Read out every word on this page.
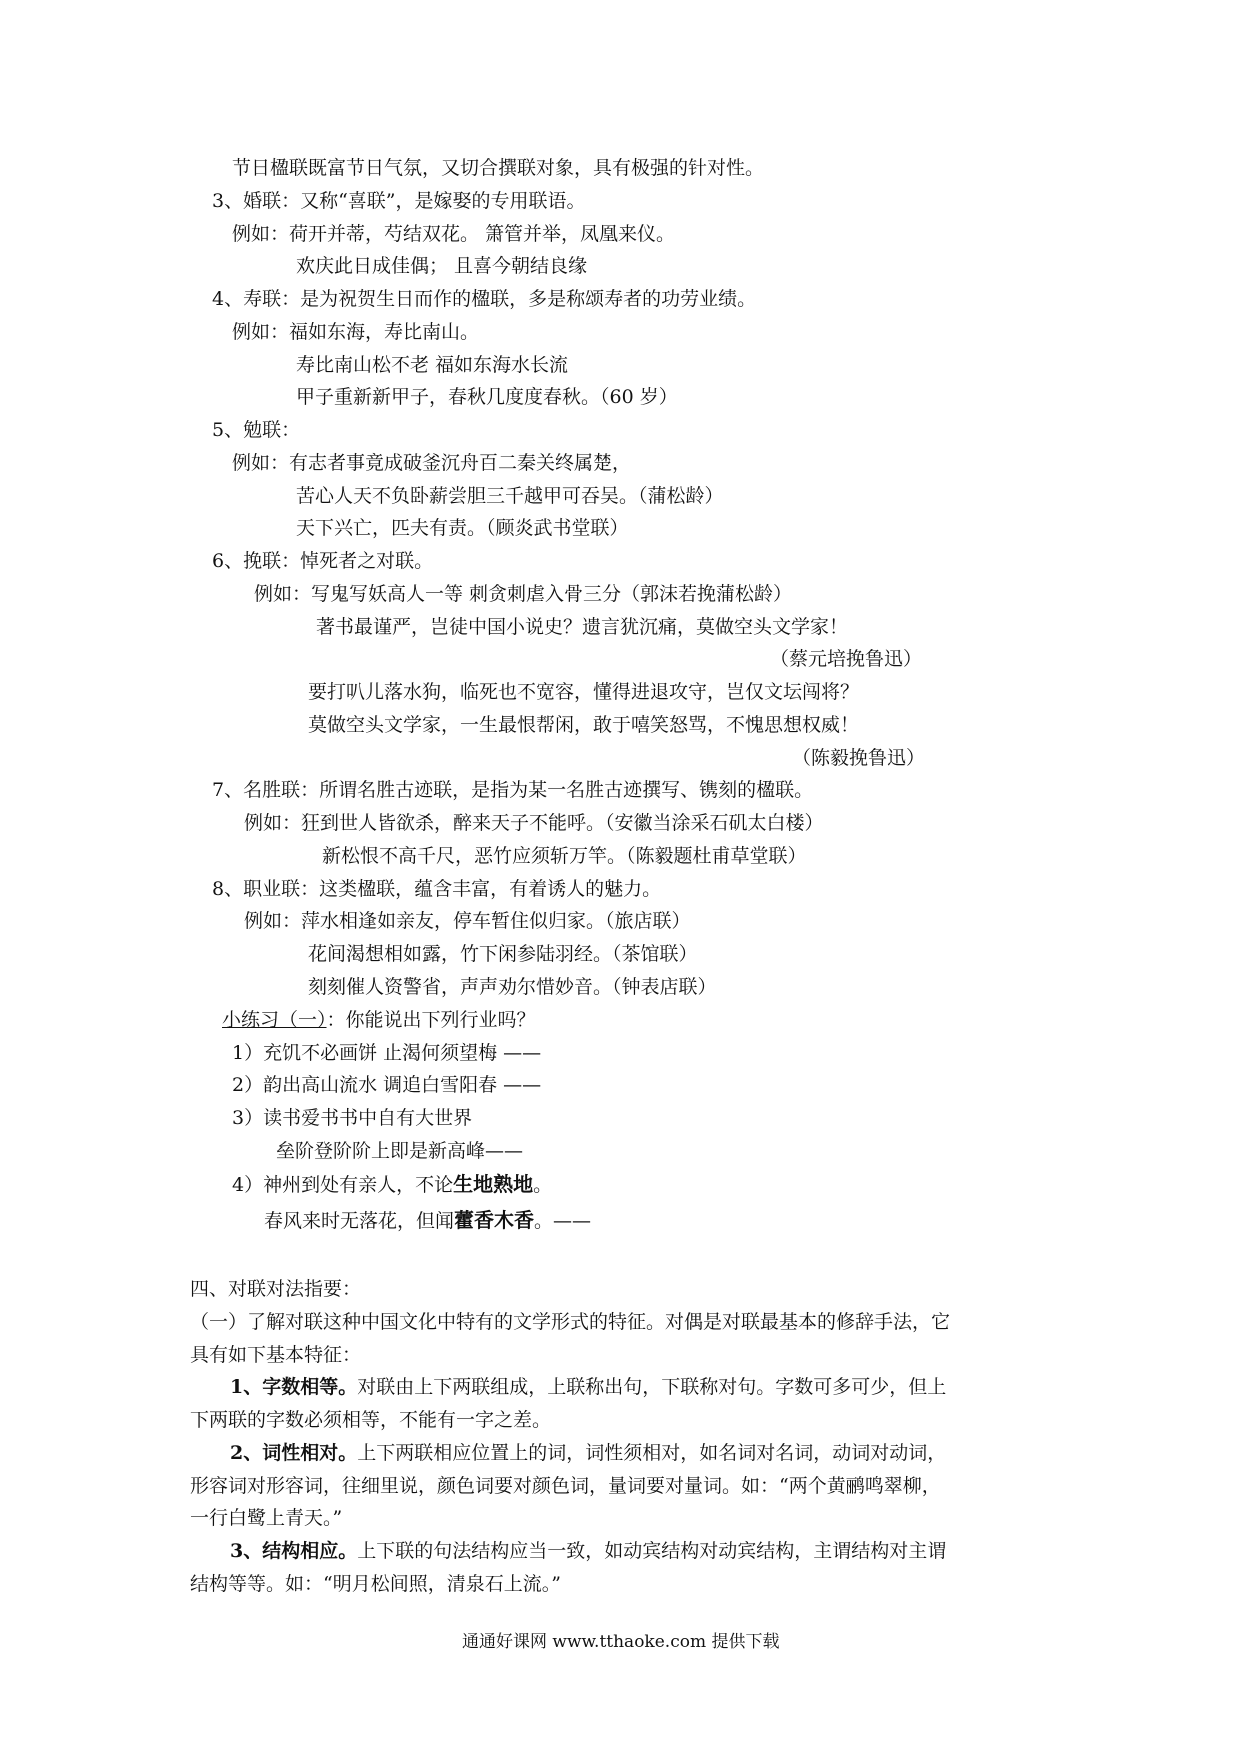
节日楹联既富节日气氛，又切合撰联对象，具有极强的针对性。
3、婚联：又称“喜联”，是嫁娶的专用联语。
例如：荷开并蒂，芍结双花。 箫管并举，凤凰来仪。
欢庆此日成佳偶； 且喜今朝结良缘
4、寿联：是为祝贺生日而作的楹联，多是称颂寿者的功劳业绩。
例如：福如东海，寿比南山。
寿比南山松不老 福如东海水长流
甲子重新新甲子，春秋几度度春秋。（60 岁）
5、勉联：
例如：有志者事竟成破釜沉舟百二秦关终属楚，
苦心人天不负卧薪尝胆三千越甲可吞吴。（蒲松龄）
天下兴亡，匹夫有责。（顾炎武书堂联）
6、挽联：悼死者之对联。
例如：写鬼写妖高人一等 刺贪刺虐入骨三分（郭沫若挽蒲松龄）
著书最谨严，岂徒中国小说史？遗言犹沉痛，莫做空头文学家！
（蔡元培挽鲁迅）
要打叭儿落水狗，临死也不宽容，懂得进退攻守，岂仅文坛闯将？
莫做空头文学家，一生最恨帮闲，敢于嘻笑怒骂，不愧思想权威！
（陈毅挽鲁迅）
7、名胜联：所谓名胜古迹联，是指为某一名胜古迹撰写、镌刻的楹联。
例如：狂到世人皆欲杀，醉来天子不能呼。（安徽当涂采石矶太白楼）
新松恨不高千尺，恶竹应须斩万竿。（陈毅题杜甫草堂联）
8、职业联：这类楹联，蕴含丰富，有着诱人的魅力。
例如：萍水相逢如亲友，停车暂住似归家。（旅店联）
花间渴想相如露，竹下闲参陆羽经。（茶馆联）
刻刻催人资警省，声声劝尔惜妙音。（钟表店联）
小练习（一）：你能说出下列行业吗？
1）充饥不必画饼 止渴何须望梅 ——
2）韵出高山流水 调追白雪阳春 ——
3）读书爱书书中自有大世界
垒阶登阶阶上即是新高峰——
4）神州到处有亲人，不论生地熟地。
春风来时无落花，但闻藿香木香。——
四、对联对法指要：
（一）了解对联这种中国文化中特有的文学形式的特征。对偶是对联最基本的修辞手法，它
具有如下基本特征：
1、字数相等。对联由上下两联组成，上联称出句，下联称对句。字数可多可少，但上
下两联的字数必须相等，不能有一字之差。
2、词性相对。上下两联相应位置上的词，词性须相对，如名词对名词，动词对动词，
形容词对形容词，往细里说，颜色词要对颜色词，量词要对量词。如：“两个黄鹂鸣翠柳，
一行白鹭上青天。”
3、结构相应。上下联的句法结构应当一致，如动宾结构对动宾结构，主谓结构对主谓
结构等等。如：“明月松间照，清泉石上流。”
通通好课网 www.tthaoke.com 提供下载
